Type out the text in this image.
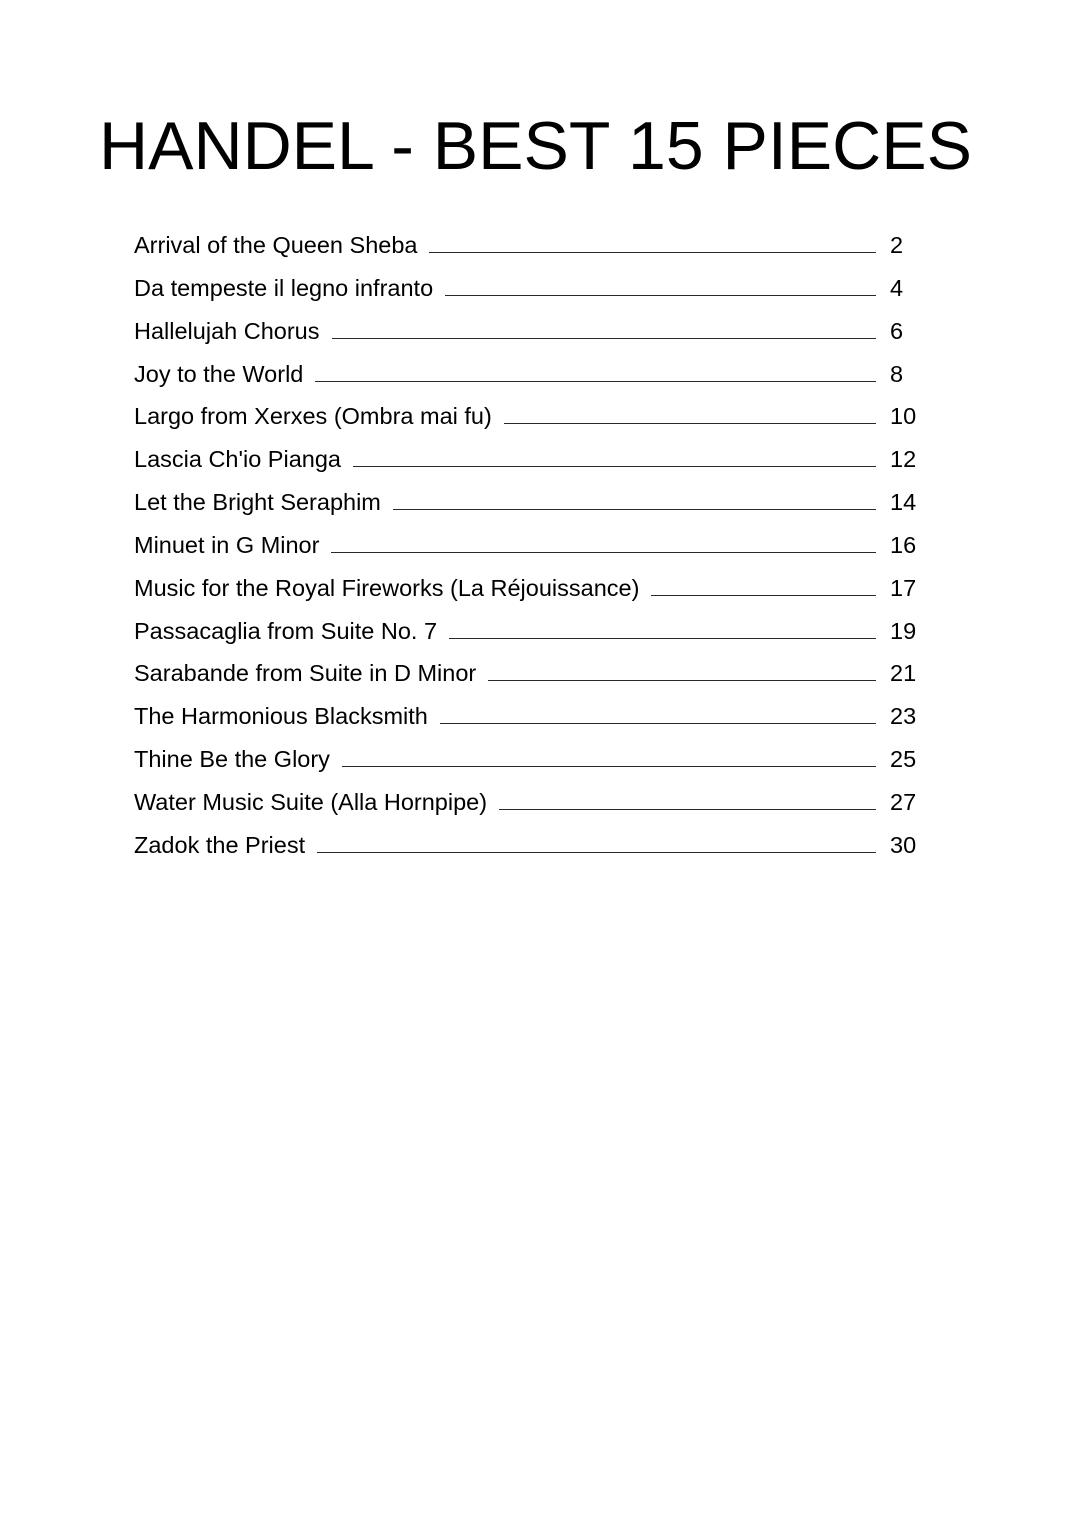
HANDEL - BEST 15 PIECES
Arrival of the Queen Sheba	2
Da tempeste il legno infranto	4
Hallelujah Chorus	6
Joy to the World	8
Largo from Xerxes (Ombra mai fu)	10
Lascia Ch'io Pianga	12
Let the Bright Seraphim	14
Minuet in G Minor	16
Music for the Royal Fireworks (La Réjouissance)	17
Passacaglia from Suite No. 7	19
Sarabande from Suite in D Minor	21
The Harmonious Blacksmith	23
Thine Be the Glory	25
Water Music Suite (Alla Hornpipe)	27
Zadok the Priest	30
